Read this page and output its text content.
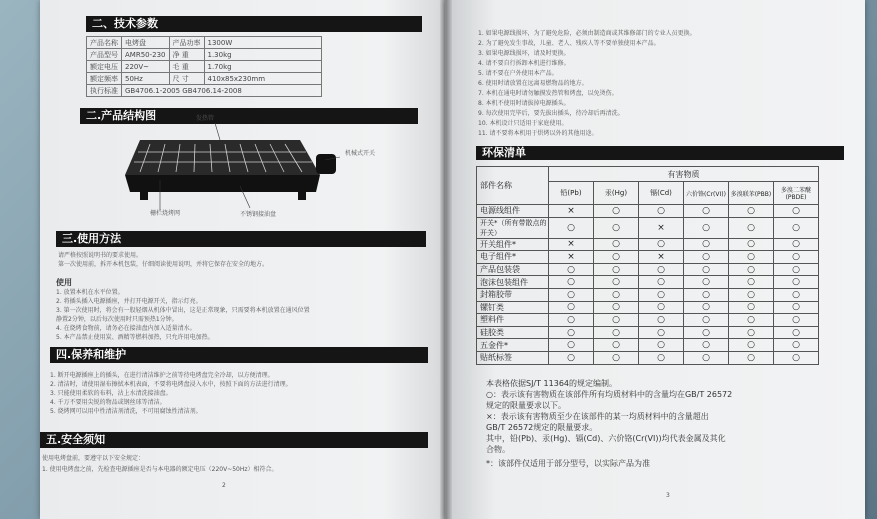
二、技术参数
产品名称	电烤盘	产品功率	1300W
产品型号	AMR50-230	净 重	1.30kg
额定电压	220V~	毛 重	1.70kg
额定频率	50Hz	尺 寸	410x85x230mm
执行标准	GB4706.1-2005 GB4706.14-2008		
二.产品结构图	发热管
机械式开关
栅栏烧烤网	不锈钢接油盘
三.使用方法
请严格按照说明书的要求使用。
第一次使用前，拆开本机包装，仔细阅读使用说明，并将它保存在安全的地方。
使用
1. 放置本机在水平位置。
2. 将插头插入电源插座，并打开电源开关，指示灯亮。
3. 第一次使用时，将会有一股轻烟从机体中冒出，这是正常现象，只需要将本机放置在通风位置
静置2分钟，以后每次使用时只需预热1分钟。
4. 在烧烤食物前，请务必在接油盘内加入适量清水。
5. 本产品禁止使用炭、酒精等燃料加热，只允许用电加热。
四.保养和维护
1. 断开电源插座上的插头，在进行清洁维护之前等待电烤盘完全冷却，以方便清理。
2. 清洁时，请使用湿布擦拭本机表面，不要将电烤盘浸入水中，按照下面的方法进行清理。
3. 只能使用柔软的布料，沾上水清洗接油盘。
4. 千万不要用尖锐的物品或钢丝球等清洁。
5. 烧烤网可以用中性清洁剂清洗，不可用腐蚀性清洁剂。
五.安全须知
使用电烤盘前，要遵守以下安全规定：
1. 使用电烤盘之前，先检查电源插座是否与本电器的额定电压（220V~50Hz）相符合。
2
1. 如果电源线损坏，为了避免危险，必须由制造商或其维修部门的专业人员更换。
2. 为了避免发生事故，儿童、老人、残疾人等不要单独使用本产品。
3. 如果电源线损坏，请及时更换。
4. 请不要自行拆卸本机进行维修。
5. 请不要在户外使用本产品。
6. 使用时请放置在远离易燃物品的地方。
7. 本机在通电时请勿触摸发热管和烤盘，以免烫伤。
8. 本机不使用时请拔掉电源插头。
9. 每次使用完毕后，要先拔出插头，待冷却后再清洗。
10. 本机设计只适用于家庭使用。
11. 请不要将本机用于烘烤以外的其他用途。
环保清单
部件名称	有害物质					
	铅(Pb)	汞(Hg)	镉(Cd)	六价铬(Cr(VI))	多溴联苯(PBB)	多溴二苯醚(PBDE)
电源线组件	×	○	○	○	○	○
开关*（所有带散点的开关）	○	○	×	○	○	○
开关组件*	×	○	○	○	○	○
电子组件*	×	○	×	○	○	○
产品包装袋	○	○	○	○	○	○
泡沫包装组件	○	○	○	○	○	○
封箱胶带	○	○	○	○	○	○
镙钉类	○	○	○	○	○	○
塑料件	○	○	○	○	○	○
硅胶类	○	○	○	○	○	○
五金件*	○	○	○	○	○	○
贴纸标签	○	○	○	○	○	○
本表格依据SJ/T 11364的规定编制。
○：表示该有害物质在该部件所有均质材料中的含量均在GB/T 26572
规定的限量要求以下。
×：表示该有害物质至少在该部件的某一均质材料中的含量超出
GB/T 26572规定的限量要求。
其中，铅(Pb)、汞(Hg)、镉(Cd)、六价铬(Cr(VI))均代表金属及其化
合物。
*：该部件仅适用于部分型号，以实际产品为准
3
